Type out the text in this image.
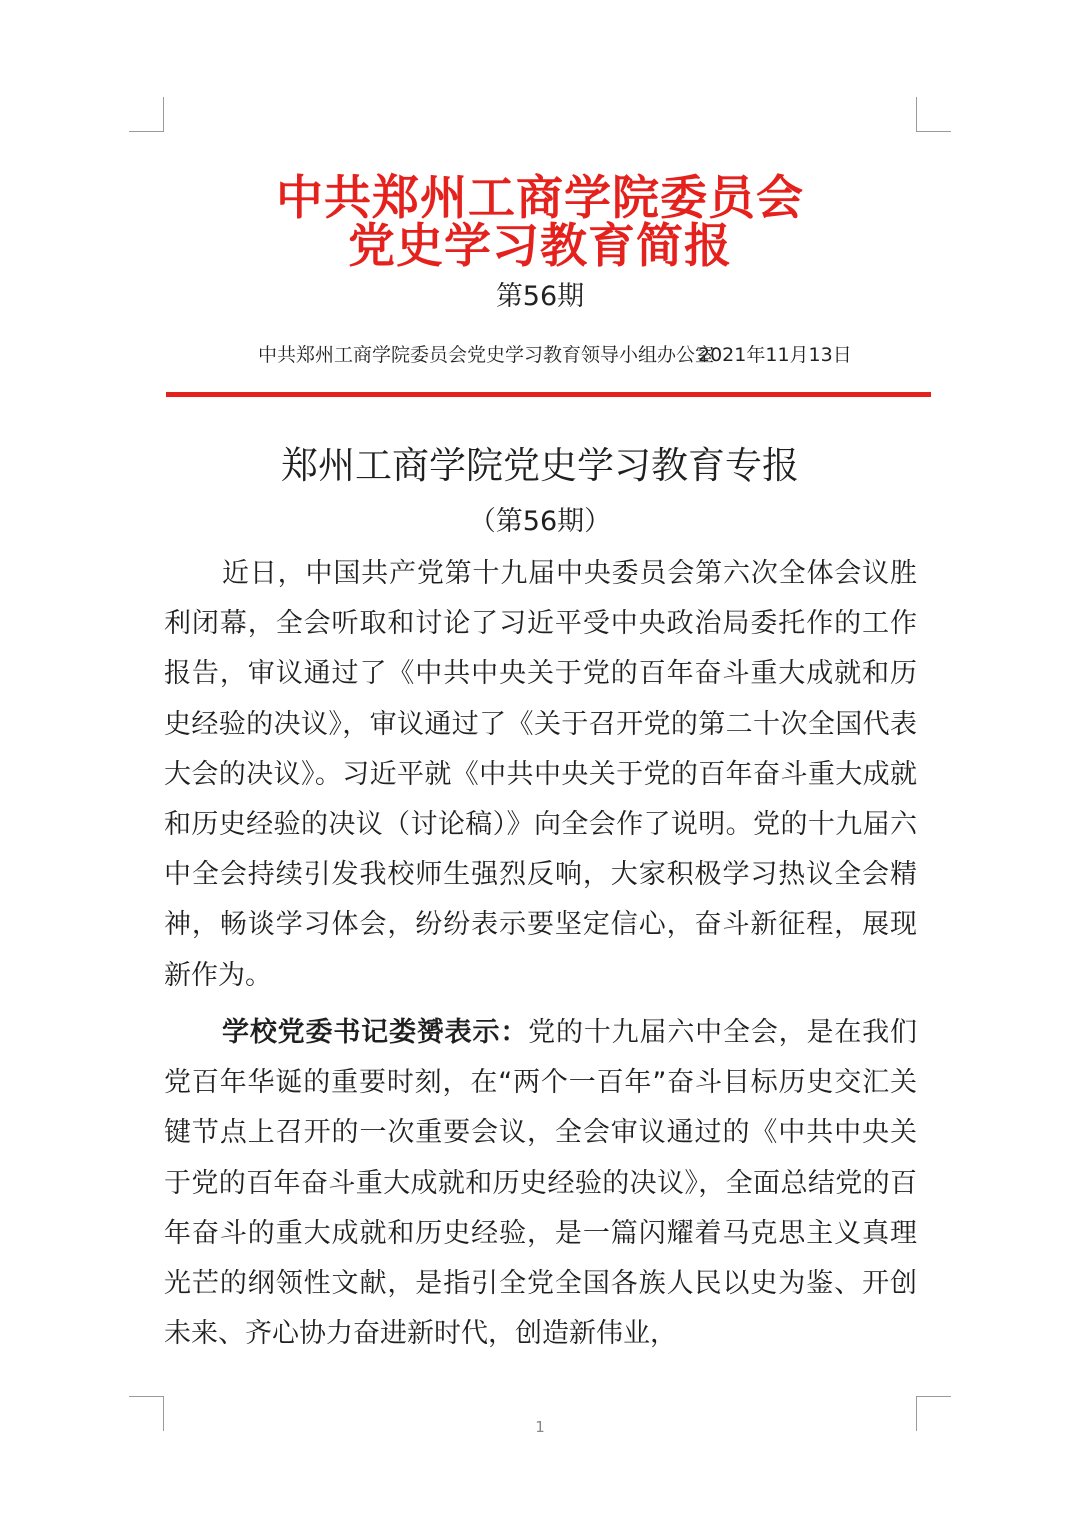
中共郑州工商学院委员会
党史学习教育简报
第56期
中共郑州工商学院委员会党史学习教育领导小组办公室
2021年11月13日
郑州工商学院党史学习教育专报
（第56期）

近日，中国共产党第十九届中央委员会第六次全体会议胜利闭幕，全会听取和讨论了习近平受中央政治局委托作的工作报告，审议通过了《中共中央关于党的百年奋斗重大成就和历史经验的决议》，审议通过了《关于召开党的第二十次全国代表大会的决议》。习近平就《中共中央关于党的百年奋斗重大成就和历史经验的决议（讨论稿）》向全会作了说明。党的十九届六中全会持续引发我校师生强烈反响，大家积极学习热议全会精神，畅谈学习体会，纷纷表示要坚定信心，奋斗新征程，展现新作为。

学校党委书记娄赟表示：党的十九届六中全会，是在我们党百年华诞的重要时刻，在“两个一百年”奋斗目标历史交汇关键节点上召开的一次重要会议，全会审议通过的《中共中央关于党的百年奋斗重大成就和历史经验的决议》，全面总结党的百年奋斗的重大成就和历史经验，是一篇闪耀着马克思主义真理光芒的纲领性文献，是指引全党全国各族人民以史为鉴、开创未来、齐心协力奋进新时代，创造新伟业，

1
